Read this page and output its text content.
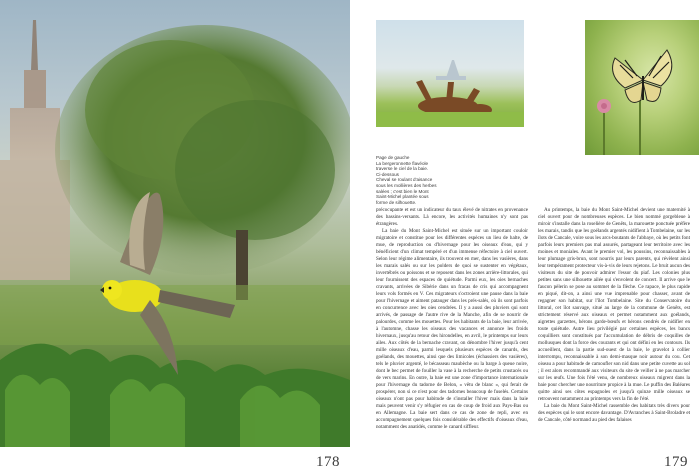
178
Page de gauche
La bergeronnette flavéole
traverse le ciel de la baie.
Ci-dessous
Cheval se roulant d'aisance
sous les mollières des herbes
salées ; c'est bien le Mont
Saint-Michel plantée sous
forme de silhouette.

précocupante et est un indicateur du taux élevé de nitrates en provenance des bassins-versants. Là encore, les activités humaines n'y sont pas étrangères.

La baie du Mont Saint-Michel est située sur un important couloir migratoire et constitue pour les différentes espèces un lieu de halte, de mue, de reproduction ou d'hivernage pour les oiseaux d'eau, qui y bénéficient d'un climat tempéré et d'un immense réfectoire à ciel ouvert. Selon leur régime alimentaire, ils trouvent en mer, dans les vasières, dans les marais salés ou sur les polders de quoi se sustenter en végétaux, invertébrés ou poissons et se reposent dans les zones arrière-littorales, qui leur fournissent des espaces de quiétude. Parmi eux, les oies bernaches cravants, arrivées de Sibérie dans un fracas de cris qui accompagnent leurs vols formés en V. Ces migrateurs s'octroient une pause dans la baie pour l'hivernage et aiment patauger dans les prés-salés, où ils sont parfois en concurrence avec les oies cendrées. Il y a aussi des pluviers qui sont arrivés, de passage de l'autre rive de la Manche, afin de se nourrir de palourdes, comme les mouettes. Pour les habitants de la baie, leur arrivée, à l'automne, chasse les oiseaux des vacances et annonce les froids hivernaux, jusqu'au retour des hirondelles, en avril, le printemps sur leurs ailes. Aux côtés de la bernache cravant, on dénombre l'hiver jusqu'à cent mille oiseaux d'eau, parmi lesquels plusieurs espèces de canards, des goélands, des mouettes, ainsi que des limicoles (échassiers des vasières), tels le pluvier argenté, le bécasseau maubèche ou la barge à queue noire, dont le bec permet de fouiller la vase à la recherche de petits crustacés ou de vers marins. En outre, la baie est une zone d'importance internationale pour l'hivernage du tadorne de Belon, « vêtu de blanc », qui ferait de prospérer, non si ce n'est pour des tadornes beaucoup de fuselés. Certains oiseaux n'ont pas pour habitude de s'installer l'hiver mais dans la baie mais peuvent venir s'y réfugier en cas de coup de froid aux Pays-Bas ou en Allemagne. La baie sert dans ce cas de zone de repli, avec en accompagnement quelques fois considérable des effectifs d'oiseaux d'eau, notamment des anatidés, comme le canard siffleur.

Au printemps, la baie du Mont Saint-Michel devient une maternité à ciel ouvert pour de nombreuses espèces. Le bien nommé gorgebleue à miroir s'installe dans la roselière de Genêts, la marouette ponctuée préfère les marais, tandis que les goélands argentés nidifient à Tombelaine, sur les îlots de Cancale, voire sous les arcs-boutants de l'abbaye, où les petits font parfois leurs premiers pas mal assurés, partageant leur territoire avec les moines et moniales. Avant le premier vol, les poussins, reconnaissables à leur plumage gris-brun, sont nourris par leurs parents, qui révèlent ainsi leur tempérament protecteur vis-à-vis de leurs rejetons. Le bruit aucun des visiteurs du site de pouvoir admirer l'essor du piaf. Les colonies plus petites sans une silhouette ailée qui s'envolent de concert. Il arrive que le faucon pèlerin se pose au sommet de la flèche. Ce rapace, le plus rapide en piqué, dit-on, a ainsi une vue imprenable pour chasser, avant de regagner son habitat, sur l'îlot Tombelaine. Site du Conservatoire du littoral, cet îlot sauvage, situé au large de la commune de Genêts, est strictement réservé aux oiseaux et permet notamment aux goélands, aigrettes garzettes, hérons garde-bœufs et hérons cendrés de nidifier en toute quiétude. Autre lieu privilégié par certaines espèces, les bancs coquilliers sont constitués par l'accumulation de débris de coquilles de mollusques dont la force des courants et qui ont défini en les contours. Ils accueillent, dans la partie sud-ouest de la baie, le gravelot à collier interrompu, reconnaissable à son demi-masque noir autour du cou. Cet oiseau a pour habitude de camoufler son nid dans une petite cuvette au sol ; il est alors recommandé aux visiteurs du site de veiller à ne pas marcher sur les œufs. Une fois l'été venu, de nombreux oiseaux migrent dans la baie pour chercher une nourriture propice à la mue. Le puffin des Baléares quitte ainsi ses côtes espagnoles et jusqu'à quinze mille oiseaux se retrouvent notamment au printemps vers la fin de l'été.

La baie du Mont Saint-Michel rassemble des habitats très divers pour des espèces qui le sont encore davantage. D'Avranches à Saint-Broladre et de Cancale, côté normand au pied des falaises

179
